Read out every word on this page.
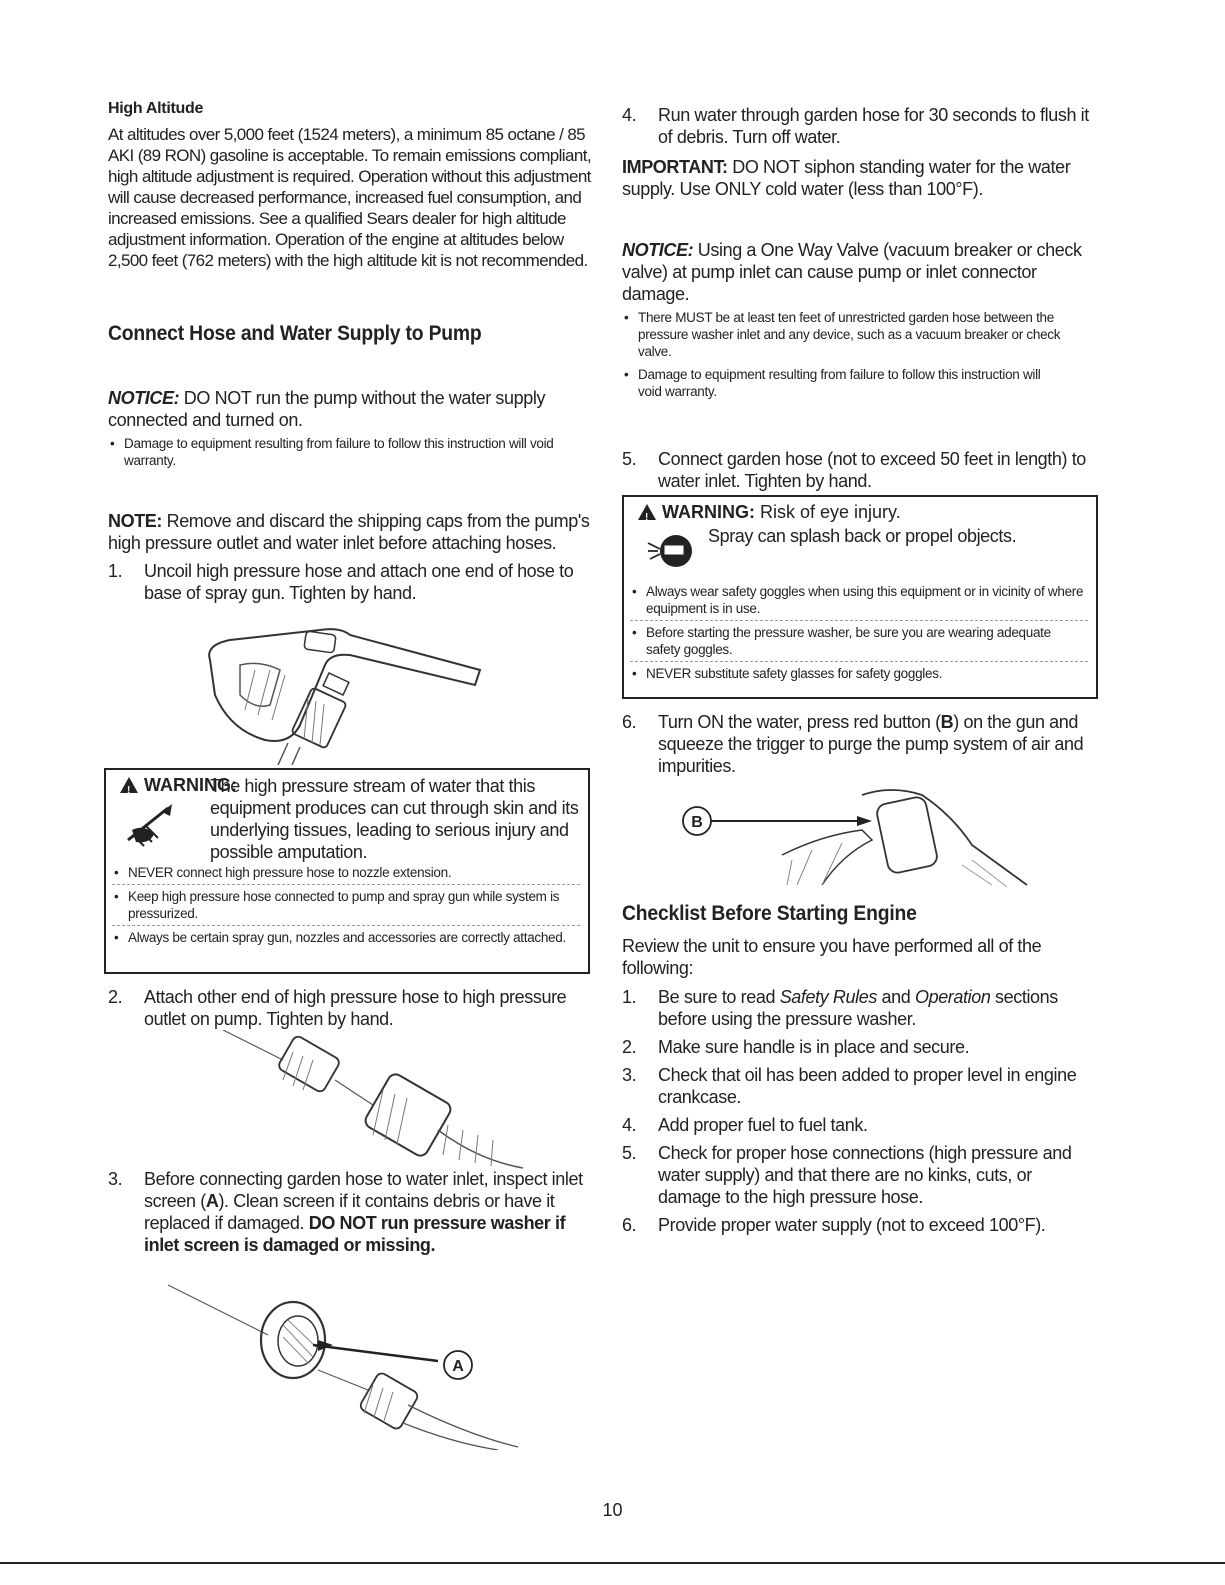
High Altitude

At altitudes over 5,000 feet (1524 meters), a minimum 85 octane / 85 AKI (89 RON) gasoline is acceptable. To remain emissions compliant, high altitude adjustment is required. Operation without this adjustment will cause decreased performance, increased fuel consumption, and increased emissions. See a qualified Sears dealer for high altitude adjustment information. Operation of the engine at altitudes below 2,500 feet (762 meters) with the high altitude kit is not recommended.

Connect Hose and Water Supply to Pump

NOTICE: DO NOT run the pump without the water supply connected and turned on.

• Damage to equipment resulting from failure to follow this instruction will void warranty.

NOTE: Remove and discard the shipping caps from the pump's high pressure outlet and water inlet before attaching hoses.

1. Uncoil high pressure hose and attach one end of hose to base of spray gun. Tighten by hand.
!WARNING:

The high pressure stream of water that this equipment produces can cut through skin and its underlying tissues, leading to serious injury and possible amputation.

• NEVER connect high pressure hose to nozzle extension.
• Keep high pressure hose connected to pump and spray gun while system is pressurized.
• Always be certain spray gun, nozzles and accessories are correctly attached.
2. Attach other end of high pressure hose to high pressure outlet on pump. Tighten by hand.
3. Before connecting garden hose to water inlet, inspect inlet screen (A). Clean screen if it contains debris or have it replaced if damaged. DO NOT run pressure washer if inlet screen is damaged or missing.
A
4. Run water through garden hose for 30 seconds to flush it of debris. Turn off water.

IMPORTANT: DO NOT siphon standing water for the water supply. Use ONLY cold water (less than 100°F).

NOTICE: Using a One Way Valve (vacuum breaker or check valve) at pump inlet can cause pump or inlet connector damage.

• There MUST be at least ten feet of unrestricted garden hose between the pressure washer inlet and any device, such as a vacuum breaker or check valve.
• Damage to equipment resulting from failure to follow this instruction will void warranty.
5. Connect garden hose (not to exceed 50 feet in length) to water inlet. Tighten by hand.
!WARNING: Risk of eye injury.
Spray can splash back or propel objects.
• Always wear safety goggles when using this equipment or in vicinity of where equipment is in use.
• Before starting the pressure washer, be sure you are wearing adequate safety goggles.
• NEVER substitute safety glasses for safety goggles.
6. Turn ON the water, press red button (B) on the gun and squeeze the trigger to purge the pump system of air and impurities.
B
Checklist Before Starting Engine

Review the unit to ensure you have performed all of the following:

1. Be sure to read Safety Rules and Operation sections before using the pressure washer.
2. Make sure handle is in place and secure.
3. Check that oil has been added to proper level in engine crankcase.
4. Add proper fuel to fuel tank.
5. Check for proper hose connections (high pressure and water supply) and that there are no kinks, cuts, or damage to the high pressure hose.
6. Provide proper water supply (not to exceed 100°F).
10
